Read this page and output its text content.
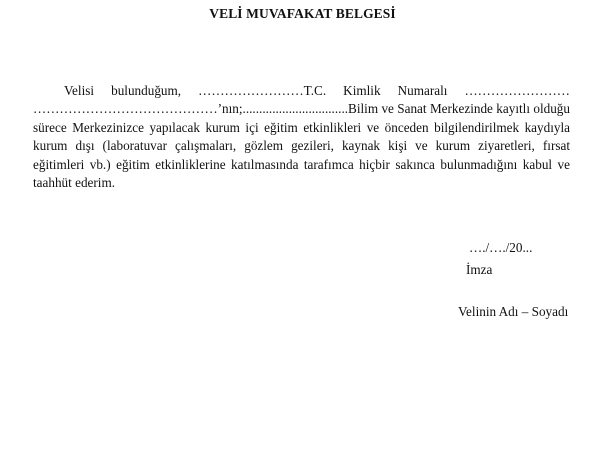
VELİ MUVAFAKAT BELGESİ

Velisi bulunduğum, ……………………T.C. Kimlik Numaralı …………………… ……………………………………’nın;................................Bilim ve Sanat Merkezinde kayıtlı olduğu sürece Merkezinizce yapılacak kurum içi eğitim etkinlikleri ve önceden bilgilendirilmek kaydıyla kurum dışı (laboratuvar çalışmaları, gözlem gezileri, kaynak kişi ve kurum ziyaretleri, fırsat eğitimleri vb.) eğitim etkinliklerine katılmasında tarafımca hiçbir sakınca bulunmadığını kabul ve taahhüt ederim.

…./…./20...
İmza
Velinin Adı – Soyadı
